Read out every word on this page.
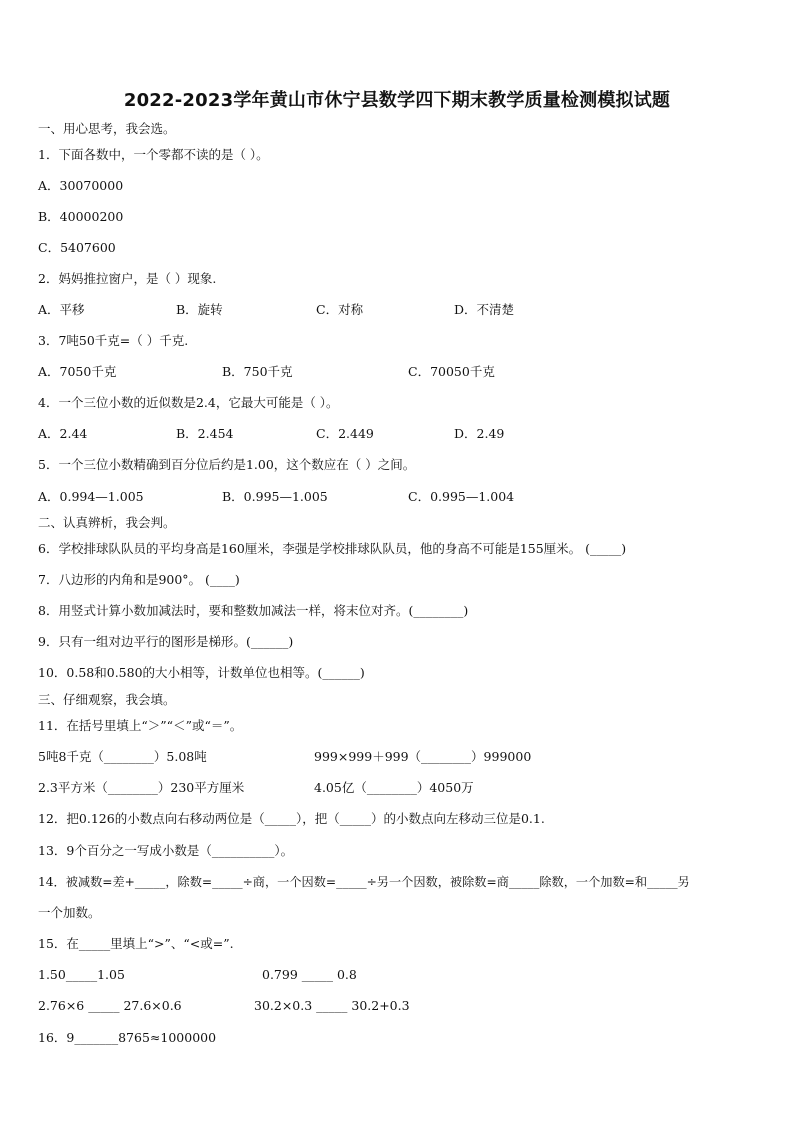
2022-2023学年黄山市休宁县数学四下期末教学质量检测模拟试题
一、用心思考，我会选。
1．下面各数中，一个零都不读的是（ ）。
A．30070000
B．40000200
C．5407600
2．妈妈推拉窗户，是（ ）现象.
A．平移	B．旋转	C．对称	D．不清楚
3．7吨50千克=（ ）千克.
A．7050千克	B．750千克	C．70050千克
4．一个三位小数的近似数是2.4，它最大可能是（ ）。
A．2.44	B．2.454	C．2.449	D．2.49
5．一个三位小数精确到百分位后约是1.00，这个数应在（ ）之间。
A．0.994—1.005	B．0.995—1.005	C．0.995—1.004
二、认真辨析，我会判。
6．学校排球队队员的平均身高是160厘米，李强是学校排球队队员，他的身高不可能是155厘米。 (_____)
7．八边形的内角和是900°。 (____)
8．用竖式计算小数加减法时，要和整数加减法一样，将末位对齐。(________)
9．只有一组对边平行的图形是梯形。(______)
10．0.58和0.580的大小相等，计数单位也相等。(______)
三、仔细观察，我会填。
11．在括号里填上“＞”“＜”或“＝”。
5吨8千克（________）5.08吨	999×999＋999（________）999000
2.3平方米（________）230平方厘米	4.05亿（________）4050万
12．把0.126的小数点向右移动两位是（_____），把（_____）的小数点向左移动三位是0.1.
13．9个百分之一写成小数是（__________）。
14．被减数=差+_____，除数=_____÷商，一个因数=_____÷另一个因数，被除数=商_____除数，一个加数=和_____另
一个加数。
15．在_____里填上“>”、“<或=”.
1.50_____1.05	0.799 _____ 0.8
2.76×6 _____ 27.6×0.6	30.2×0.3 _____ 30.2+0.3
16．9_______8765≈1000000
